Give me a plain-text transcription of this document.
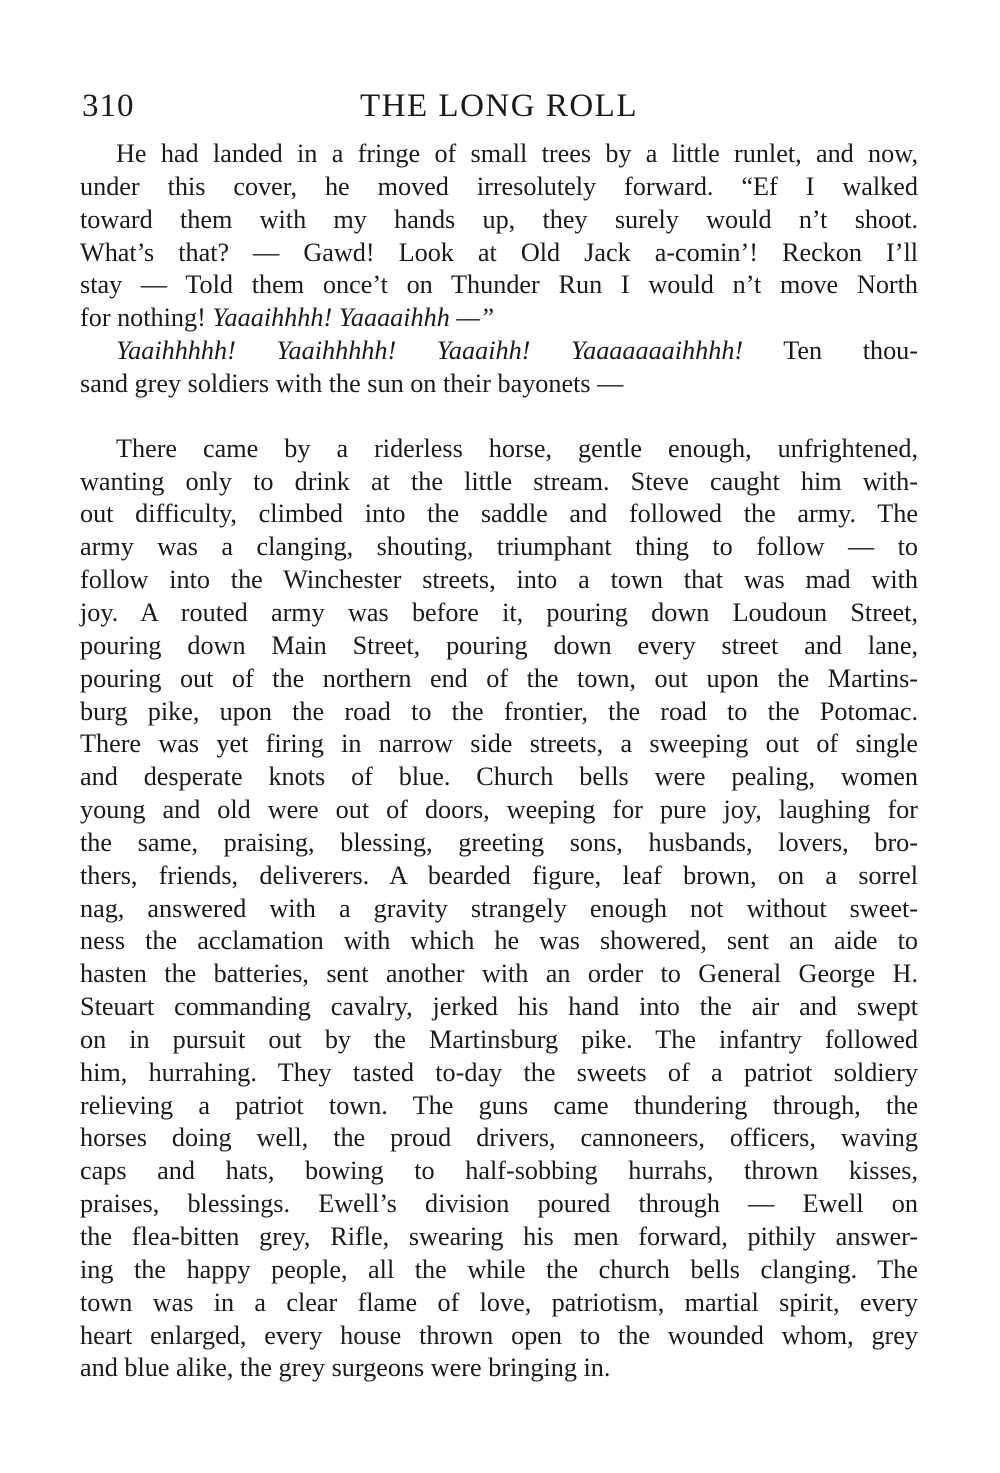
310	THE LONG ROLL
He had landed in a fringe of small trees by a little runlet, and now,
under this cover, he moved irresolutely forward. “Ef I walked
toward them with my hands up, they surely would n’t shoot.
What’s that? — Gawd! Look at Old Jack a-comin’! Reckon I’ll
stay — Told them once’t on Thunder Run I would n’t move North
for nothing! Yaaaihhhh! Yaaaaihhh —”
Yaaihhhhh! Yaaihhhhh! Yaaaihh! Yaaaaaaaihhhh! Ten thou-
sand grey soldiers with the sun on their bayonets —
There came by a riderless horse, gentle enough, unfrightened,
wanting only to drink at the little stream. Steve caught him with-
out difficulty, climbed into the saddle and followed the army. The
army was a clanging, shouting, triumphant thing to follow — to
follow into the Winchester streets, into a town that was mad with
joy. A routed army was before it, pouring down Loudoun Street,
pouring down Main Street, pouring down every street and lane,
pouring out of the northern end of the town, out upon the Martins-
burg pike, upon the road to the frontier, the road to the Potomac.
There was yet firing in narrow side streets, a sweeping out of single
and desperate knots of blue. Church bells were pealing, women
young and old were out of doors, weeping for pure joy, laughing for
the same, praising, blessing, greeting sons, husbands, lovers, bro-
thers, friends, deliverers. A bearded figure, leaf brown, on a sorrel
nag, answered with a gravity strangely enough not without sweet-
ness the acclamation with which he was showered, sent an aide to
hasten the batteries, sent another with an order to General George H.
Steuart commanding cavalry, jerked his hand into the air and swept
on in pursuit out by the Martinsburg pike. The infantry followed
him, hurrahing. They tasted to-day the sweets of a patriot soldiery
relieving a patriot town. The guns came thundering through, the
horses doing well, the proud drivers, cannoneers, officers, waving
caps and hats, bowing to half-sobbing hurrahs, thrown kisses,
praises, blessings. Ewell’s division poured through — Ewell on
the flea-bitten grey, Rifle, swearing his men forward, pithily answer-
ing the happy people, all the while the church bells clanging. The
town was in a clear flame of love, patriotism, martial spirit, every
heart enlarged, every house thrown open to the wounded whom, grey
and blue alike, the grey surgeons were bringing in.
